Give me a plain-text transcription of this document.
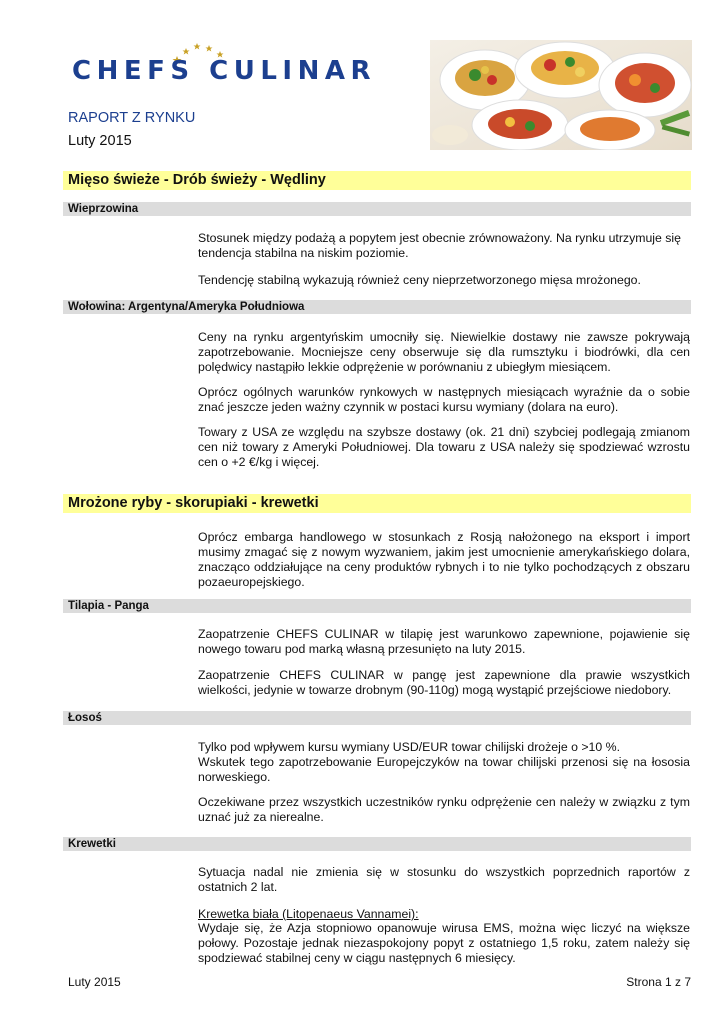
CHEFS CULINAR
RAPORT Z RYNKU
Luty 2015
Mięso świeże - Drób świeży - Wędliny
Wieprzowina

Stosunek między podażą a popytem jest obecnie zrównoważony. Na rynku utrzymuje się tendencja stabilna na niskim poziomie.

Tendencję stabilną wykazują również ceny nieprzetworzonego mięsa mrożonego.

Wołowina: Argentyna/Ameryka Południowa

Ceny na rynku argentyńskim umocniły się. Niewielkie dostawy nie zawsze pokrywają zapotrzebowanie. Mocniejsze ceny obserwuje się dla rumsztyku i biodrówki, dla cen polędwicy nastąpiło lekkie odprężenie w porównaniu z ubiegłym miesiącem.

Oprócz ogólnych warunków rynkowych w następnych miesiącach wyraźnie da o sobie znać jeszcze jeden ważny czynnik w postaci kursu wymiany (dolara na euro).

Towary z USA ze względu na szybsze dostawy (ok. 21 dni) szybciej podlegają zmianom cen niż towary z Ameryki Południowej. Dla towaru z USA należy się spodziewać wzrostu cen o +2 €/kg i więcej.

Mrożone ryby - skorupiaki - krewetki

Oprócz embarga handlowego w stosunkach z Rosją nałożonego na eksport i import musimy zmagać się z nowym wyzwaniem, jakim jest umocnienie amerykańskiego dolara, znacząco oddziałujące na ceny produktów rybnych i to nie tylko pochodzących z obszaru pozaeuropejskiego.

Tilapia - Panga

Zaopatrzenie CHEFS CULINAR w tilapię jest warunkowo zapewnione, pojawienie się nowego towaru pod marką własną przesunięto na luty 2015.

Zaopatrzenie CHEFS CULINAR w pangę jest zapewnione dla prawie wszystkich wielkości, jedynie w towarze drobnym (90-110g) mogą wystąpić przejściowe niedobory.

Łosoś

Tylko pod wpływem kursu wymiany USD/EUR towar chilijski drożeje o >10 %.

Wskutek tego zapotrzebowanie Europejczyków na towar chilijski przenosi się na łososia norweskiego.

Oczekiwane przez wszystkich uczestników rynku odprężenie cen należy w związku z tym uznać już za nierealne.

Krewetki

Sytuacja nadal nie zmienia się w stosunku do wszystkich poprzednich raportów z ostatnich 2 lat.

Krewetka biała (Litopenaeus Vannamei):

Wydaje się, że Azja stopniowo opanowuje wirusa EMS, można więc liczyć na większe połowy. Pozostaje jednak niezaspokojony popyt z ostatniego 1,5 roku, zatem należy się spodziewać stabilnej ceny w ciągu następnych 6 miesięcy.

Luty 2015	Strona 1 z 7
